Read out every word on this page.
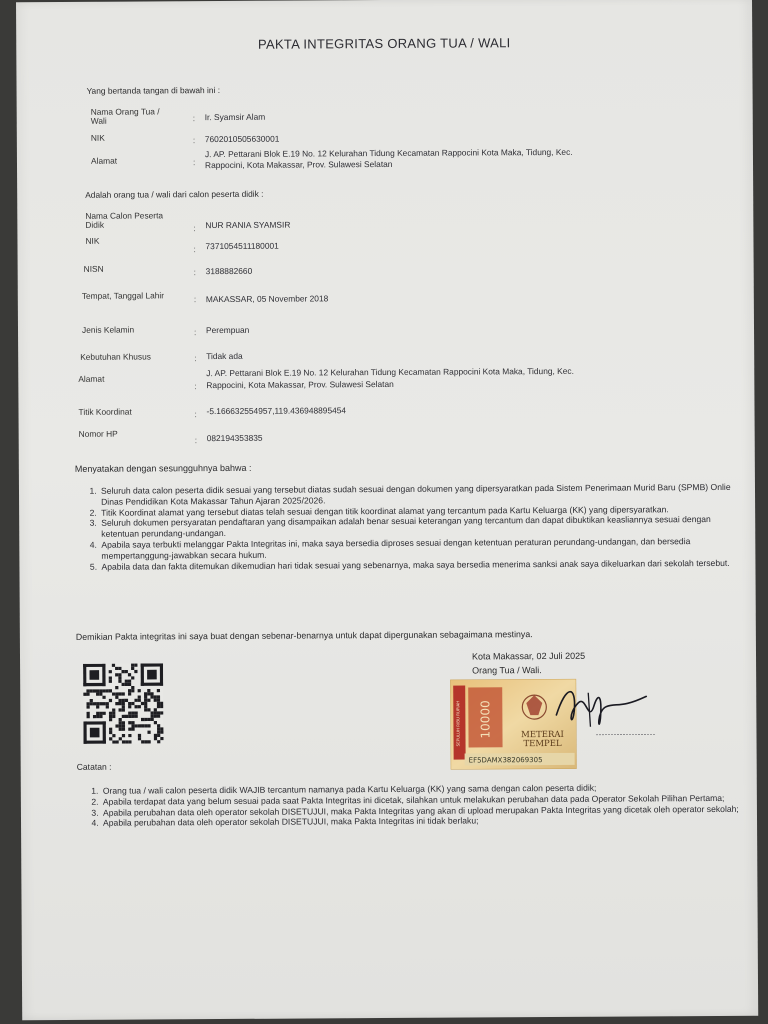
PAKTA INTEGRITAS ORANG TUA / WALI
Yang bertanda tangan di bawah ini :
Nama Orang Tua /
Wali	: Ir. Syamsir Alam
NIK	: 7602010505630001
Alamat	:
J. AP. Pettarani Blok E.19 No. 12 Kelurahan Tidung Kecamatan Rappocini Kota Maka, Tidung, Kec.
Rappocini, Kota Makassar, Prov. Sulawesi Selatan
Adalah orang tua / wali dari calon peserta didik :
Nama Calon Peserta
Didik	: NUR RANIA SYAMSIR
NIK
: 7371054511180001
NISN	: 3188882660
Tempat, Tanggal Lahir	: MAKASSAR, 05 November 2018
Jenis Kelamin	: Perempuan
Kebutuhan Khusus	: Tidak ada
Alamat
:
J. AP. Pettarani Blok E.19 No. 12 Kelurahan Tidung Kecamatan Rappocini Kota Maka, Tidung, Kec.
Rappocini, Kota Makassar, Prov. Sulawesi Selatan
Titik Koordinat	: -5.166632554957,119.436948895454
Nomor HP
: 082194353835
Menyatakan dengan sesungguhnya bahwa :
1. Seluruh data calon peserta didik sesuai yang tersebut diatas sudah sesuai dengan dokumen yang dipersyaratkan pada Sistem Penerimaan Murid Baru (SPMB) Onlie Dinas Pendidikan Kota Makassar Tahun Ajaran 2025/2026.
2. Titik Koordinat alamat yang tersebut diatas telah sesuai dengan titik koordinat alamat yang tercantum pada Kartu Keluarga (KK) yang dipersyaratkan.
3. Seluruh dokumen persyaratan pendaftaran yang disampaikan adalah benar sesuai keterangan yang tercantum dan dapat dibuktikan keasliannya sesuai dengan ketentuan perundang-undangan.
4. Apabila saya terbukti melanggar Pakta Integritas ini, maka saya bersedia diproses sesuai dengan ketentuan peraturan perundang-undangan, dan bersedia mempertanggung-jawabkan secara hukum.
5. Apabila data dan fakta ditemukan dikemudian hari tidak sesuai yang sebenarnya, maka saya bersedia menerima sanksi anak saya dikeluarkan dari sekolah tersebut.
Demikian Pakta integritas ini saya buat dengan sebenar-benarnya untuk dapat dipergunakan sebagaimana mestinya.
Kota Makassar, 02 Juli 2025
Orang Tua / Wali.
10000
SEPULUH RIBU RUPIAH	METERAI
TEMPEL
EF5DAMX382069305
Catatan :
1. Orang tua / wali calon peserta didik WAJIB tercantum namanya pada Kartu Keluarga (KK) yang sama dengan calon peserta didik;
2. Apabila terdapat data yang belum sesuai pada saat Pakta Integritas ini dicetak, silahkan untuk melakukan perubahan data pada Operator Sekolah Pilihan Pertama;
3. Apabila perubahan data oleh operator sekolah DISETUJUI, maka Pakta Integritas yang akan di upload merupakan Pakta Integritas yang dicetak oleh operator sekolah;
4. Apabila perubahan data oleh operator sekolah DISETUJUI, maka Pakta Integritas ini tidak berlaku;
